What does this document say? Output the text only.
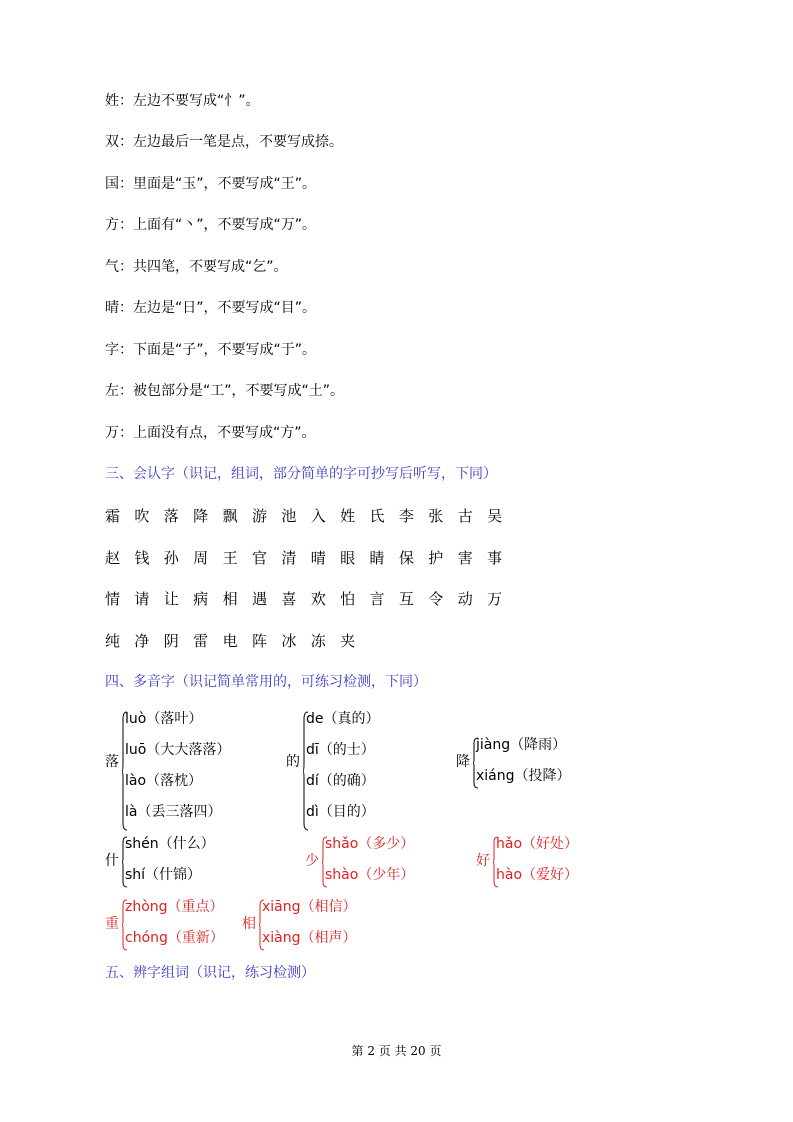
姓：左边不要写成“忄”。
双：左边最后一笔是点，不要写成捺。
国：里面是“玉”，不要写成“王”。
方：上面有“丶”，不要写成“万”。
气：共四笔，不要写成“乞”。
晴：左边是“日”，不要写成“目”。
字：下面是“子”，不要写成“于”。
左：被包部分是“工”，不要写成“土”。
万：上面没有点，不要写成“方”。
三、会认字（识记，组词，部分简单的字可抄写后听写，下同）
霜 吹 落 降 飘 游 池 入 姓 氏 李 张 古 吴
赵 钱 孙 周 王 官 清 晴 眼 睛 保 护 害 事
情 请 让 病 相 遇 喜 欢 怕 言 互 令 动 万
纯 净 阴 雷 电 阵 冰 冻 夹
四、多音字（识记简单常用的，可练习检测，下同）
落
luò（落叶）
luō（大大落落）
lào（落枕）
là（丢三落四）
的
de（真的）
dī（的士）
dí（的确）
dì（目的）
降
jiàng（降雨）
xiáng（投降）
什
shén（什么）
shí（什锦）
少
shǎo（多少）
shào（少年）
好
hǎo（好处）
hào（爱好）
重
zhòng（重点）
chóng（重新）
相
xiāng（相信）
xiàng（相声）
五、辨字组词（识记，练习检测）
第 2 页 共 20 页
